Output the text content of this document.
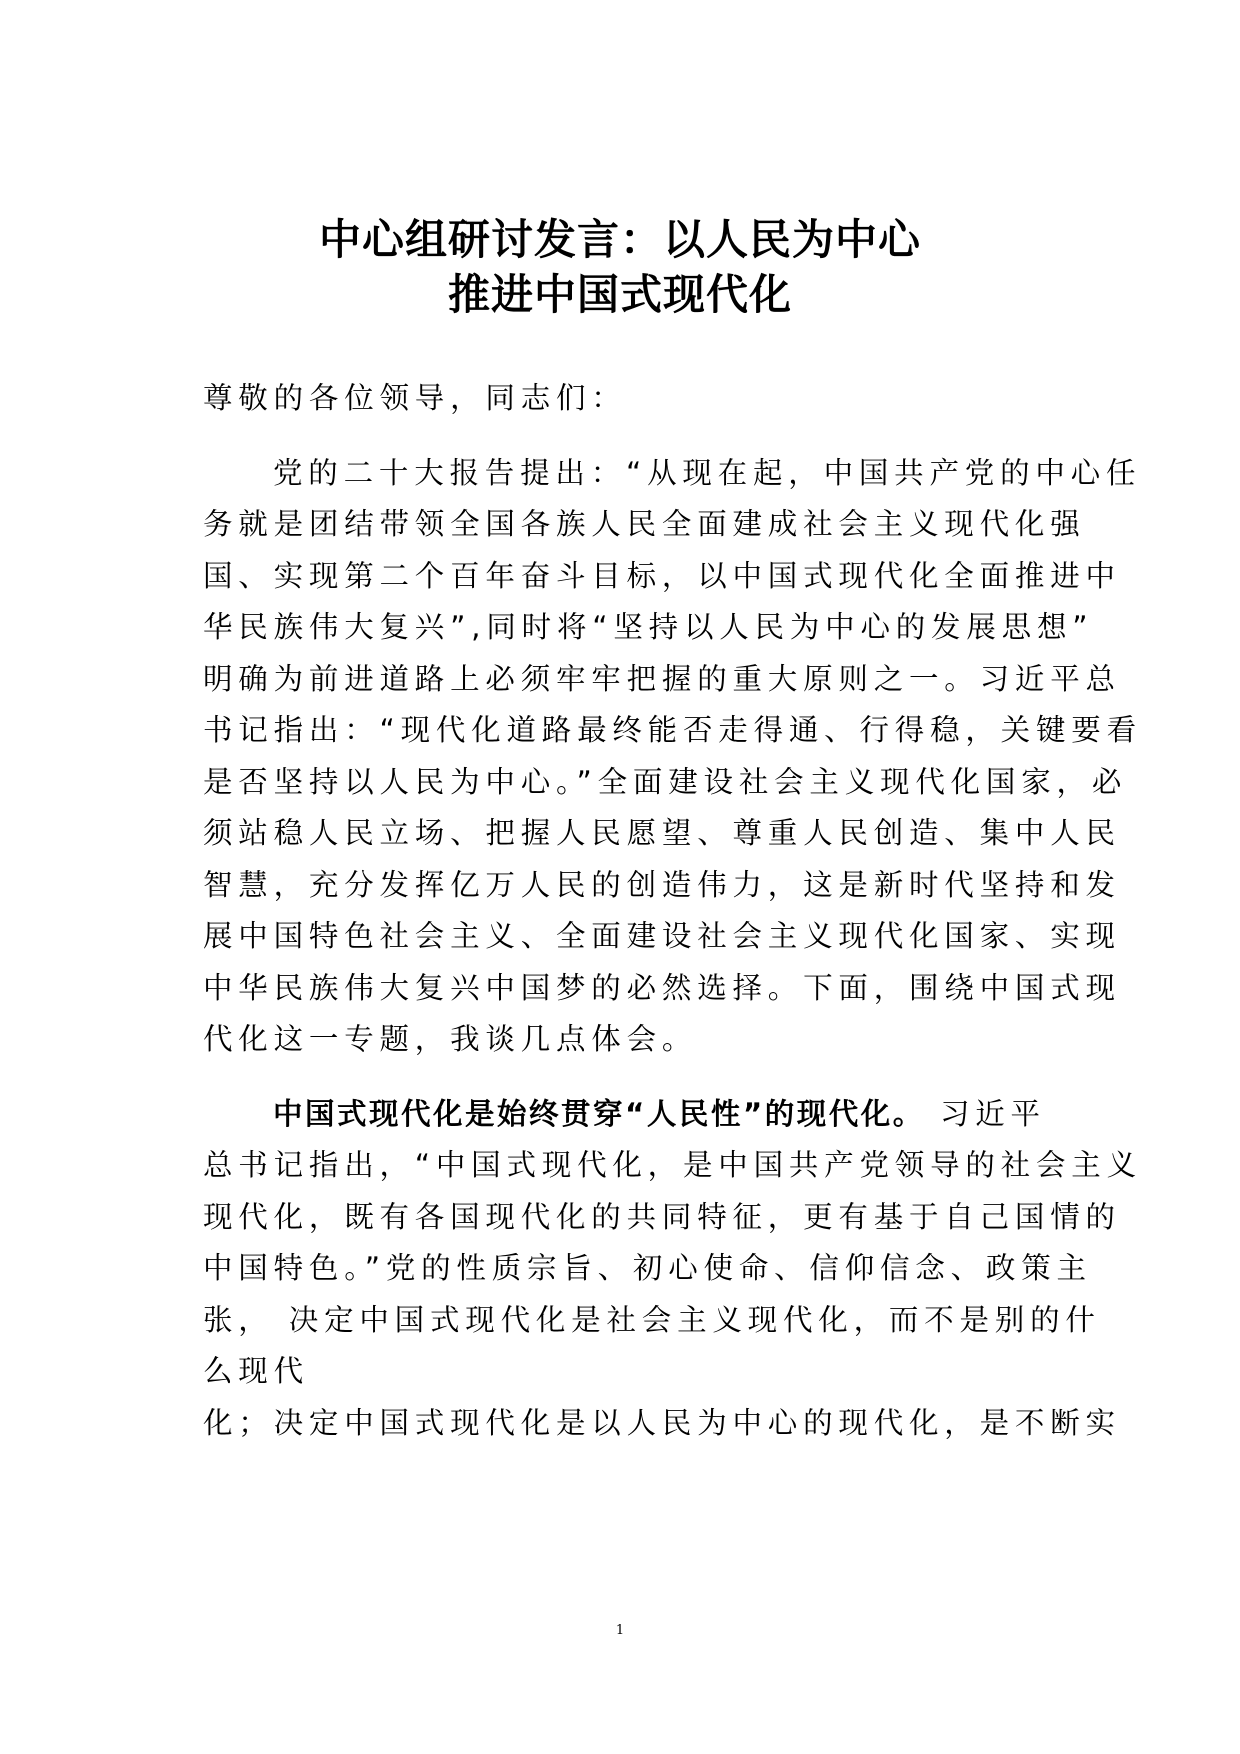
中心组研讨发言：以人民为中心
推进中国式现代化
尊敬的各位领导，同志们：
党的二十大报告提出：“从现在起，中国共产党的中心任
务就是团结带领全国各族人民全面建成社会主义现代化强
国、实现第二个百年奋斗目标，以中国式现代化全面推进中
华民族伟大复兴”,同时将“坚持以人民为中心的发展思想”
明确为前进道路上必须牢牢把握的重大原则之一。习近平总
书记指出：“现代化道路最终能否走得通、行得稳，关键要看
是否坚持以人民为中心。”全面建设社会主义现代化国家，必
须站稳人民立场、把握人民愿望、尊重人民创造、集中人民
智慧，充分发挥亿万人民的创造伟力，这是新时代坚持和发
展中国特色社会主义、全面建设社会主义现代化国家、实现
中华民族伟大复兴中国梦的必然选择。下面，围绕中国式现
代化这一专题，我谈几点体会。
中国式现代化是始终贯穿“人民性”的现代化。 习近平
总书记指出，“中国式现代化，是中国共产党领导的社会主义
现代化，既有各国现代化的共同特征，更有基于自己国情的
中国特色。”党的性质宗旨、初心使命、信仰信念、政策主
张， 决定中国式现代化是社会主义现代化，而不是别的什
么现代
化；决定中国式现代化是以人民为中心的现代化，是不断实
1
